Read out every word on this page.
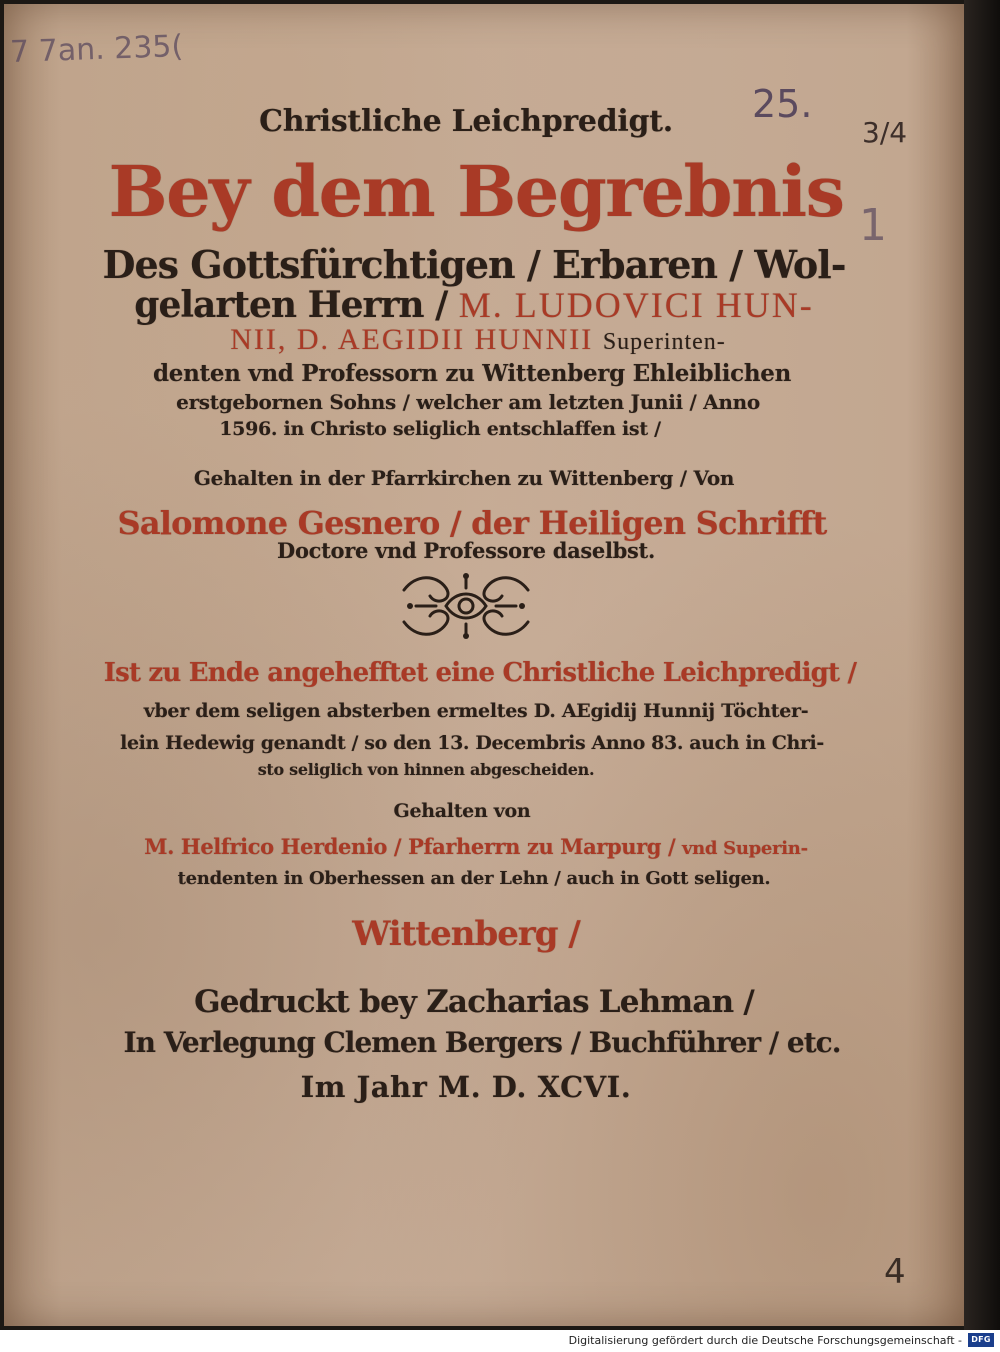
7 7an. 235(
25.
3/4
1
4
Christliche Leichpredigt.
Bey dem Begrebnis
Des Gottsfürchtigen / Erbaren / Wol-
gelarten Herrn / M. LUDOVICI HUN-
NII, D. AEGIDII HUNNII Superinten-
denten vnd Professorn zu Wittenberg Ehleiblichen
erstgebornen Sohns / welcher am letzten Junii / Anno
1596. in Christo seliglich entschlaffen ist /
Gehalten in der Pfarrkirchen zu Wittenberg / Von
Salomone Gesnero / der Heiligen Schrifft
Doctore vnd Professore daselbst.
Ist zu Ende angehefftet eine Christliche Leichpredigt /
vber dem seligen absterben ermeltes D. AEgidij Hunnij Töchter-
lein Hedewig genandt / so den 13. Decembris Anno 83. auch in Chri-
sto seliglich von hinnen abgescheiden.
Gehalten von
M. Helfrico Herdenio / Pfarherrn zu Marpurg / vnd Superin-
tendenten in Oberhessen an der Lehn / auch in Gott seligen.
Wittenberg /
Gedruckt bey Zacharias Lehman /
In Verlegung Clemen Bergers / Buchführer / etc.
Im Jahr M. D. XCVI.
Digitalisierung gefördert durch die Deutsche Forschungsgemeinschaft -	DFG
